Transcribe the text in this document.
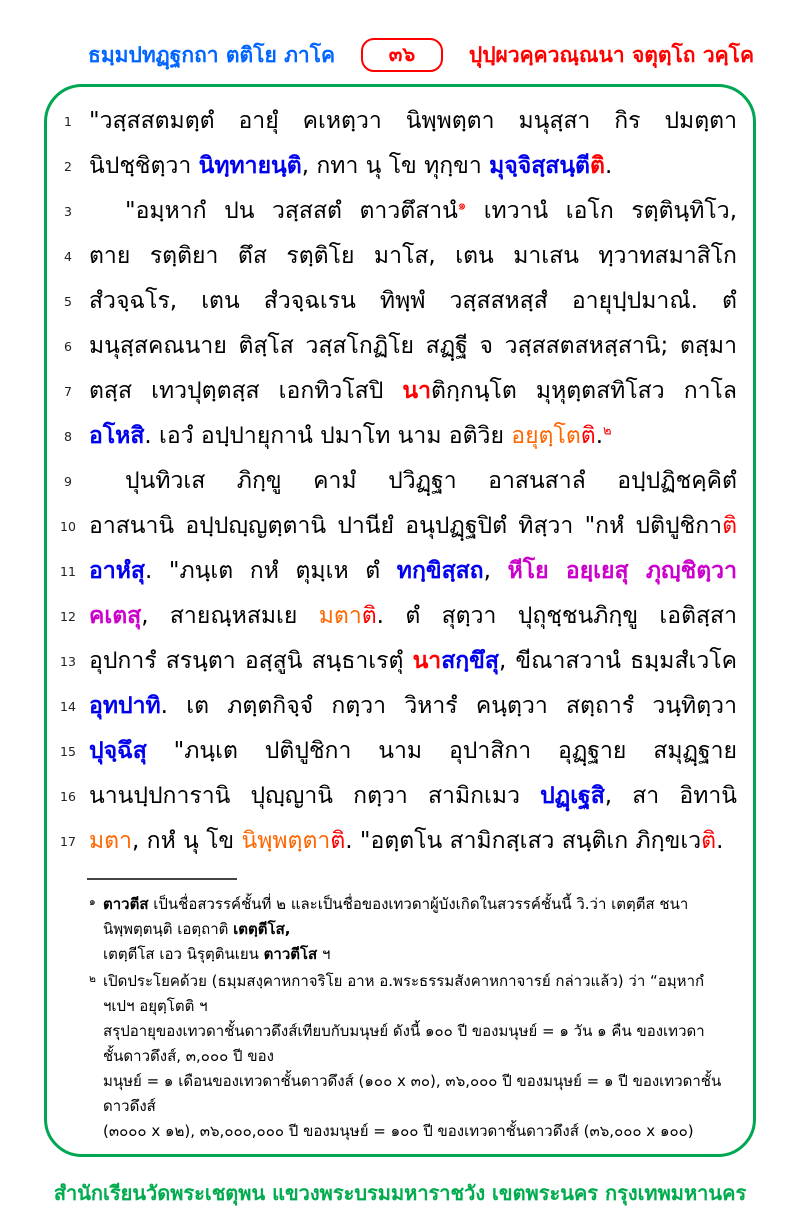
ธมฺมปทฏฺฐกถา ตติโย ภาโค	๓๖	ปุปฺผวคฺควณฺณนา จตุตฺโถ วคฺโค
1 "วสฺสสตมตฺตํ อายุํ คเหตฺวา นิพฺพตฺตา มนุสฺสา กิร ปมตฺตา
2 นิปชฺชิตฺวา นิทฺทายนฺติ, กทา นุ โข ทุกฺขา มุจฺจิสฺสนฺตีติ.
3	"อมฺหากํ ปน วสฺสสตํ ตาวตึสานํ$^๑$ เทวานํ เอโก รตฺตินฺทิโว,
4 ตาย รตฺติยา ตึส รตฺติโย มาโส, เตน มาเสน ทฺวาทสมาสิโก
5 สํวจฺฉโร, เตน สํวจฺฉเรน ทิพฺพํ วสฺสสหสฺสํ อายุปฺปมาณํ. ตํ
6 มนุสฺสคณนาย ติสฺโส วสฺสโกฏิโย สฏฺฐี จ วสฺสสตสหสฺสานิ; ตสฺมา
7 ตสฺส เทวปุตฺตสฺส เอกทิวโสปิ นาติกฺกนฺโต มุหุตฺตสทิโสว กาโล
8 อโหสิ. เอวํ อปฺปายุกานํ ปมาโท นาม อติวิย อยุตฺโตติ.$^๒$
9	ปุนทิวเส ภิกฺขู คามํ ปวิฏฺฐา อาสนสาลํ อปฺปฏิชคฺคิตํ
10 อาสนานิ อปฺปญฺญตฺตานิ ปานียํ อนุปฏฺฐปิตํ ทิสฺวา "กหํ ปติปูชิกาติ
11 อาหํสุ. "ภนฺเต กหํ ตุมฺเห ตํ ทกฺขิสฺสถ, หีโย อยฺเยสุ ภุญฺชิตฺวา
12 คเตสุ, สายณฺหสมเย มตาติ. ตํ สุตฺวา ปุถุชฺชนภิกฺขู เอติสฺสา
13 อุปการํ สรนฺตา อสฺสูนิ สนฺธาเรตุํ นาสกฺขึสุ, ขีณาสวานํ ธมฺมสํเวโค
14 อุทปาทิ. เต ภตฺตกิจฺจํ กตฺวา วิหารํ คนฺตฺวา สตฺถารํ วนฺทิตฺวา
15 ปุจฺฉึสุ "ภนฺเต ปติปูชิกา นาม อุปาสิกา อุฏฺฐาย สมุฏฺฐาย
16 นานปฺปการานิ ปุญฺญานิ กตฺวา สามิกเมว ปฏฺเฐสิ, สา อิทานิ
17 มตา, กหํ นุ โข นิพฺพตฺตาติ. "อตฺตโน สามิกสฺเสว สนฺติเก ภิกฺขเวติ.
๑ ตาวตีส เป็นชื่อสวรรค์ชั้นที่ ๒ และเป็นชื่อของเทวดาผู้บังเกิดในสวรรค์ชั้นนี้ วิ.ว่า เตตฺตีส ชนา นิพฺพตฺตนฺติ เอตฺถาติ เตตฺตีโส,
เตตฺตีโส เอว นิรุตฺตินเยน ตาวตีโส ฯ
๒ เปิดประโยคด้วย (ธมฺมสงฺคาหกาจริโย อาห อ.พระธรรมสังคาหกาจารย์ กล่าวแล้ว) ว่า “อมฺหากํ ฯเปฯ อยุตฺโตติ ฯ
สรุปอายุของเทวดาชั้นดาวดึงส์เทียบกับมนุษย์ ดังนี้ ๑๐๐ ปี ของมนุษย์ = ๑ วัน ๑ คืน ของเทวดาชั้นดาวดึงส์, ๓,๐๐๐ ปี ของ
มนุษย์ = ๑ เดือนของเทวดาชั้นดาวดึงส์ (๑๐๐ x ๓๐), ๓๖,๐๐๐ ปี ของมนุษย์ = ๑ ปี ของเทวดาชั้นดาวดึงส์
(๓๐๐๐ x ๑๒), ๓๖,๐๐๐,๐๐๐ ปี ของมนุษย์ = ๑๐๐ ปี ของเทวดาชั้นดาวดึงส์ (๓๖,๐๐๐ x ๑๐๐)
สำนักเรียนวัดพระเชตุพน แขวงพระบรมมหาราชวัง เขตพระนคร กรุงเทพมหานคร
